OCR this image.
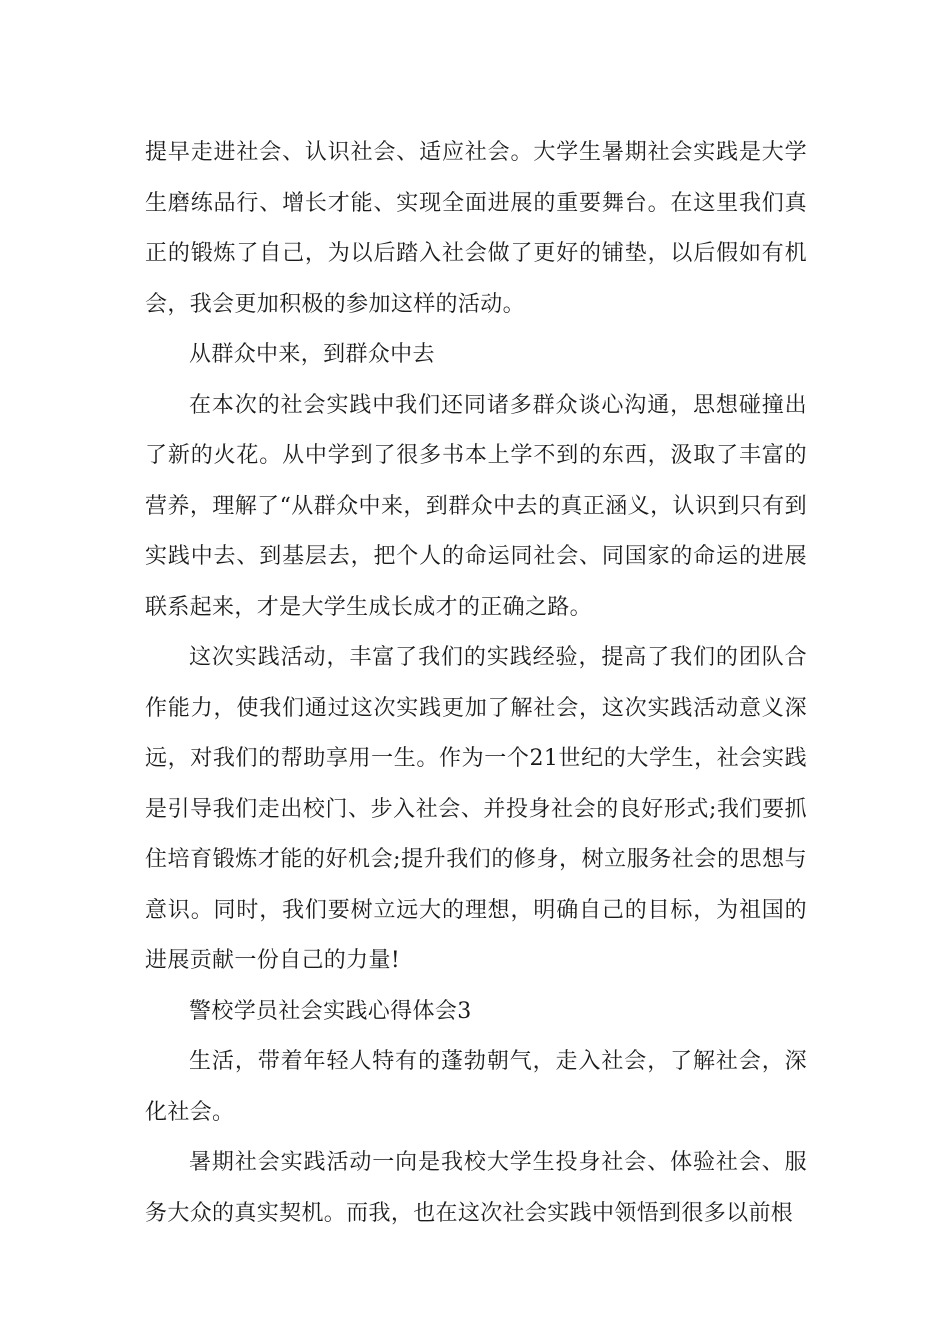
提早走进社会、认识社会、适应社会。大学生暑期社会实践是大学生磨练品行、增长才能、实现全面进展的重要舞台。在这里我们真正的锻炼了自己，为以后踏入社会做了更好的铺垫，以后假如有机会，我会更加积极的参加这样的活动。

从群众中来，到群众中去

在本次的社会实践中我们还同诸多群众谈心沟通，思想碰撞出了新的火花。从中学到了很多书本上学不到的东西，汲取了丰富的营养，理解了“从群众中来，到群众中去的真正涵义，认识到只有到实践中去、到基层去，把个人的命运同社会、同国家的命运的进展联系起来，才是大学生成长成才的正确之路。

这次实践活动，丰富了我们的实践经验，提高了我们的团队合作能力，使我们通过这次实践更加了解社会，这次实践活动意义深远，对我们的帮助享用一生。作为一个21世纪的大学生，社会实践是引导我们走出校门、步入社会、并投身社会的良好形式;我们要抓住培育锻炼才能的好机会;提升我们的修身，树立服务社会的思想与意识。同时，我们要树立远大的理想，明确自己的目标，为祖国的进展贡献一份自己的力量!

警校学员社会实践心得体会3

生活，带着年轻人特有的蓬勃朝气，走入社会，了解社会，深化社会。

暑期社会实践活动一向是我校大学生投身社会、体验社会、服务大众的真实契机。而我，也在这次社会实践中领悟到很多以前根
